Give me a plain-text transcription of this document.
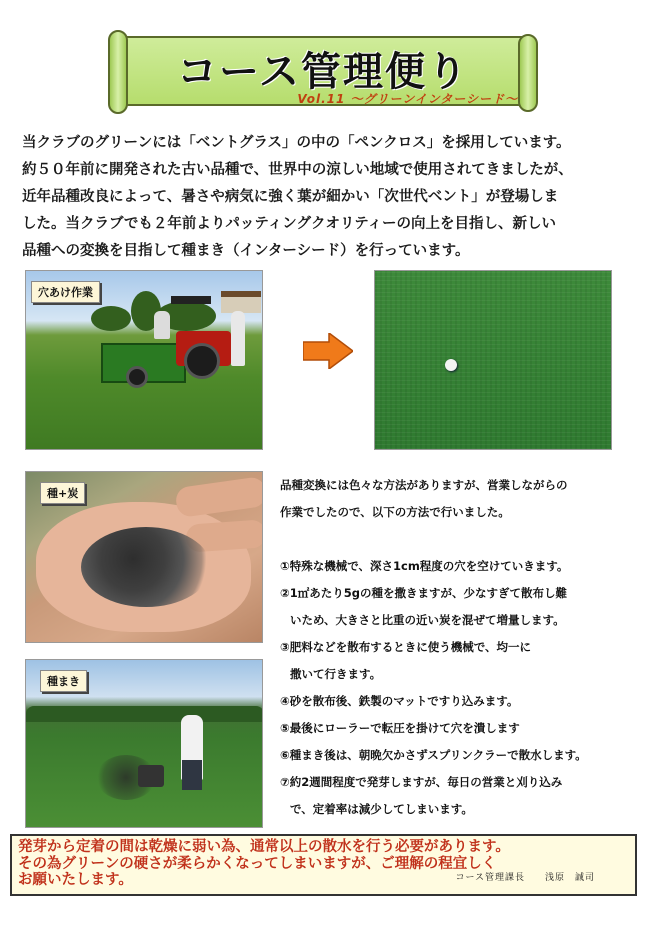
コース管理便り
Vol.11 ～グリーンインターシード～

当クラブのグリーンには「ベントグラス」の中の「ペンクロス」を採用しています。

約５０年前に開発された古い品種で、世界中の涼しい地域で使用されてきましたが、

近年品種改良によって、暑さや病気に強く葉が細かい「次世代ベント」が登場しま

した。当クラブでも２年前よりパッティングクオリティーの向上を目指し、新しい

品種への変換を目指して種まき（インターシード）を行っています。

穴あけ作業
種+炭
種まき
品種変換には色々な方法がありますが、営業しながらの
作業でしたので、以下の方法で行いました。
①特殊な機械で、深さ1cm程度の穴を空けていきます。
②1㎡あたり5gの種を撒きますが、少なすぎて散布し難
いため、大きさと比重の近い炭を混ぜて増量します。
③肥料などを散布するときに使う機械で、均一に
撒いて行きます。
④砂を散布後、鉄製のマットですり込みます。
⑤最後にローラーで転圧を掛けて穴を潰します
⑥種まき後は、朝晩欠かさずスプリンクラーで散水します。
⑦約2週間程度で発芽しますが、毎日の営業と刈り込み
で、定着率は減少してしまいます。
発芽から定着の間は乾燥に弱い為、通常以上の散水を行う必要があります。
その為グリーンの硬さが柔らかくなってしまいますが、ご理解の程宜しく
お願いたします。	コース管理課長　　浅原　誠司
